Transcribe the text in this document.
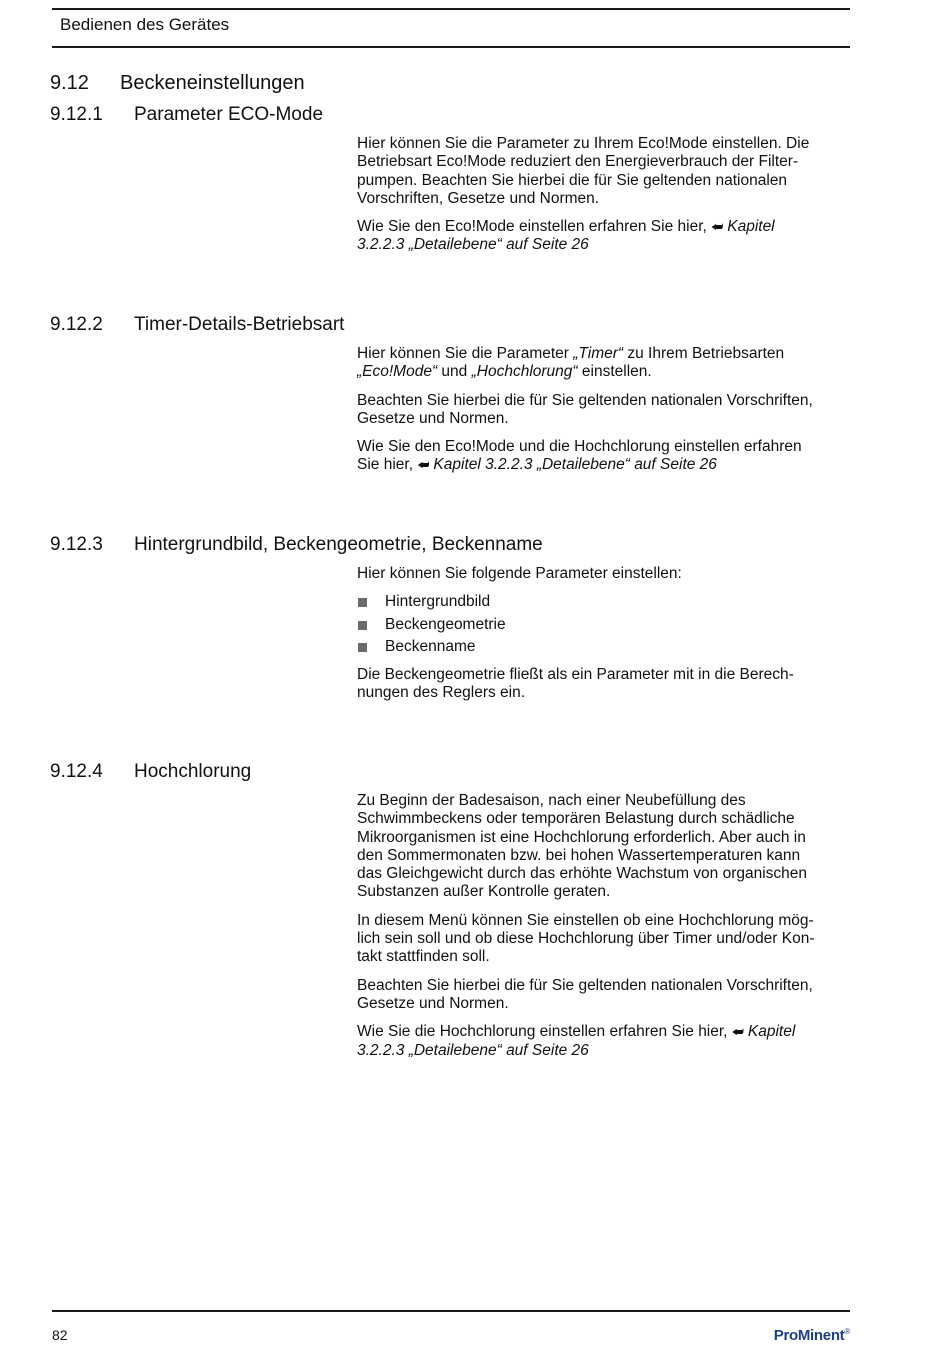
Bedienen des Gerätes
9.12 Beckeneinstellungen
9.12.1 Parameter ECO-Mode

Hier können Sie die Parameter zu Ihrem Eco!Mode einstellen. Die
Betriebsart Eco!Mode reduziert den Energieverbrauch der Filter-
pumpen. Beachten Sie hierbei die für Sie geltenden nationalen
Vorschriften, Gesetze und Normen.

Wie Sie den Eco!Mode einstellen erfahren Sie hier, ⮨ Kapitel
3.2.2.3 „Detailebene“ auf Seite 26

9.12.2 Timer-Details-Betriebsart

Hier können Sie die Parameter „Timer“ zu Ihrem Betriebsarten
„Eco!Mode“ und „Hochchlorung“ einstellen.

Beachten Sie hierbei die für Sie geltenden nationalen Vorschriften,
Gesetze und Normen.

Wie Sie den Eco!Mode und die Hochchlorung einstellen erfahren
Sie hier, ⮨ Kapitel 3.2.2.3 „Detailebene“ auf Seite 26

9.12.3 Hintergrundbild, Beckengeometrie, Beckenname

Hier können Sie folgende Parameter einstellen:

Hintergrundbild
Beckengeometrie
Beckenname

Die Beckengeometrie fließt als ein Parameter mit in die Berech-
nungen des Reglers ein.

9.12.4 Hochchlorung

Zu Beginn der Badesaison, nach einer Neubefüllung des
Schwimmbeckens oder temporären Belastung durch schädliche
Mikroorganismen ist eine Hochchlorung erforderlich. Aber auch in
den Sommermonaten bzw. bei hohen Wassertemperaturen kann
das Gleichgewicht durch das erhöhte Wachstum von organischen
Substanzen außer Kontrolle geraten.

In diesem Menü können Sie einstellen ob eine Hochchlorung mög-
lich sein soll und ob diese Hochchlorung über Timer und/oder Kon-
takt stattfinden soll.

Beachten Sie hierbei die für Sie geltenden nationalen Vorschriften,
Gesetze und Normen.

Wie Sie die Hochchlorung einstellen erfahren Sie hier, ⮨ Kapitel
3.2.2.3 „Detailebene“ auf Seite 26

82	ProMinent®
